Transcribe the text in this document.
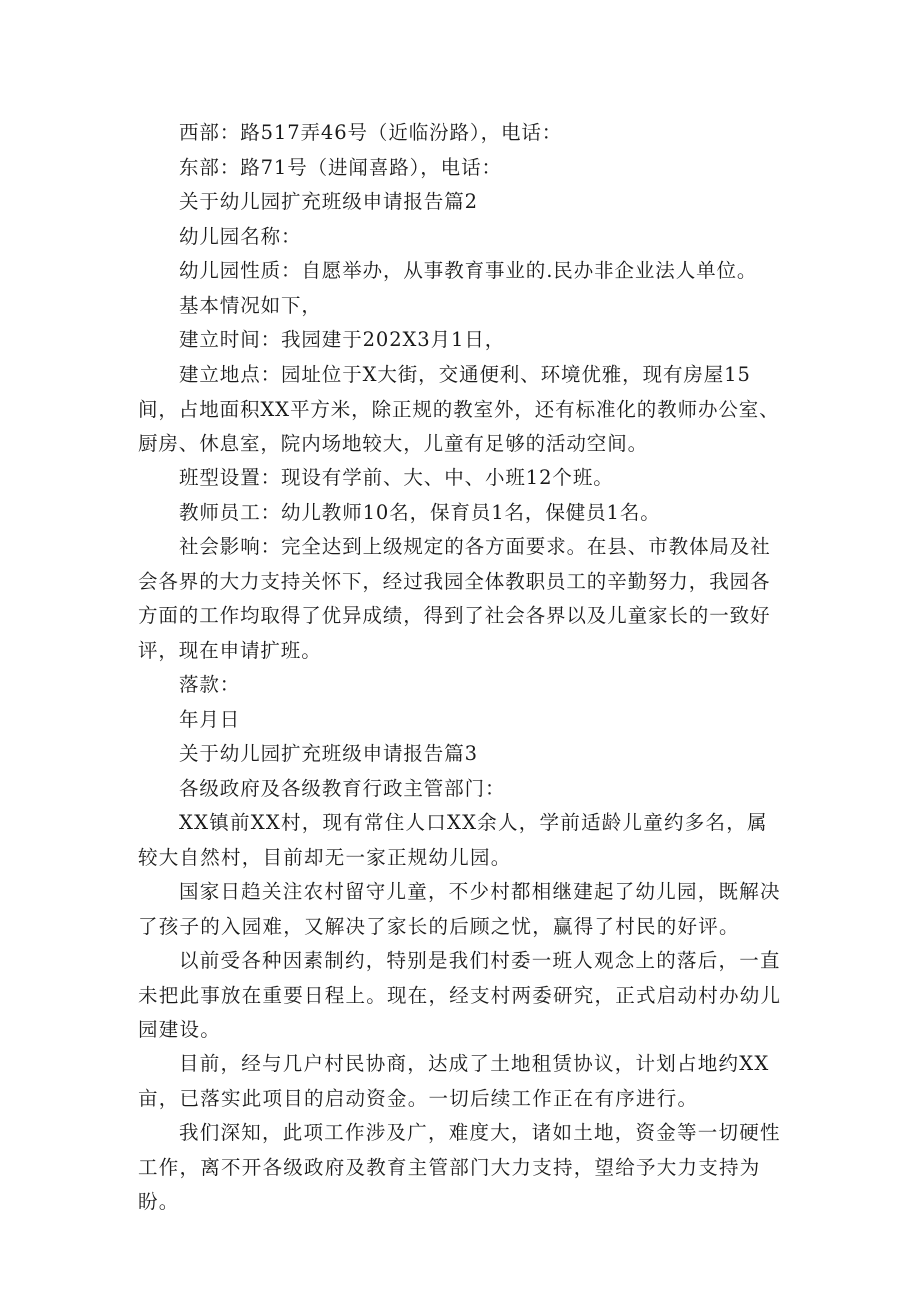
西部：路517弄46号（近临汾路），电话：

东部：路71号（进闻喜路），电话：

关于幼儿园扩充班级申请报告篇2

幼儿园名称：

幼儿园性质：自愿举办，从事教育事业的.民办非企业法人单位。

基本情况如下，

建立时间：我园建于202X3月1日，

建立地点：园址位于X大街，交通便利、环境优雅，现有房屋15间，占地面积XX平方米，除正规的教室外，还有标准化的教师办公室、厨房、休息室，院内场地较大，儿童有足够的活动空间。

班型设置：现设有学前、大、中、小班12个班。

教师员工：幼儿教师10名，保育员1名，保健员1名。

社会影响：完全达到上级规定的各方面要求。在县、市教体局及社会各界的大力支持关怀下，经过我园全体教职员工的辛勤努力，我园各方面的工作均取得了优异成绩，得到了社会各界以及儿童家长的一致好评，现在申请扩班。

落款：

年月日

关于幼儿园扩充班级申请报告篇3

各级政府及各级教育行政主管部门：

XX镇前XX村，现有常住人口XX余人，学前适龄儿童约多名，属较大自然村，目前却无一家正规幼儿园。

国家日趋关注农村留守儿童，不少村都相继建起了幼儿园，既解决了孩子的入园难，又解决了家长的后顾之忧，赢得了村民的好评。

以前受各种因素制约，特别是我们村委一班人观念上的落后，一直未把此事放在重要日程上。现在，经支村两委研究，正式启动村办幼儿园建设。

目前，经与几户村民协商，达成了土地租赁协议，计划占地约XX亩，已落实此项目的启动资金。一切后续工作正在有序进行。

我们深知，此项工作涉及广，难度大，诸如土地，资金等一切硬性工作，离不开各级政府及教育主管部门大力支持，望给予大力支持为盼。
